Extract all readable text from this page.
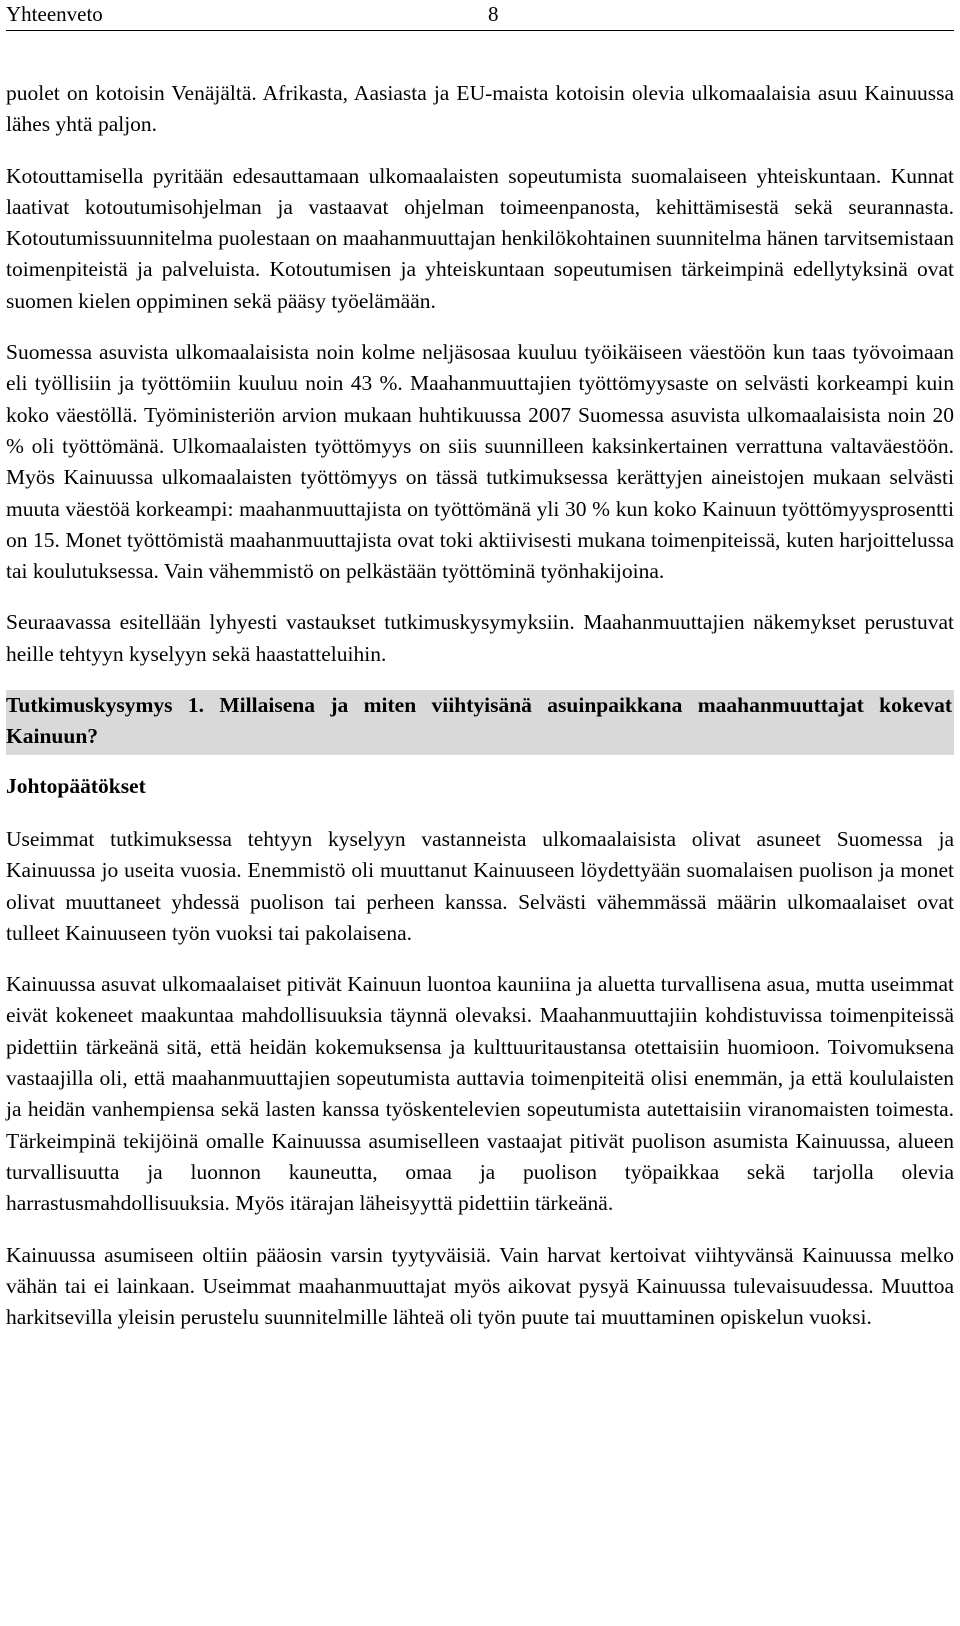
Yhteenveto	8

puolet on kotoisin Venäjältä. Afrikasta, Aasiasta ja EU-maista kotoisin olevia ulkomaalaisia asuu Kainuussa lähes yhtä paljon.

Kotouttamisella pyritään edesauttamaan ulkomaalaisten sopeutumista suomalaiseen yhteiskuntaan. Kunnat laativat kotoutumisohjelman ja vastaavat ohjelman toimeenpanosta, kehittämisestä sekä seurannasta. Kotoutumissuunnitelma puolestaan on maahanmuuttajan henkilökohtainen suunnitelma hänen tarvitsemistaan toimenpiteistä ja palveluista. Kotoutumisen ja yhteiskuntaan sopeutumisen tärkeimpinä edellytyksinä ovat suomen kielen oppiminen sekä pääsy työelämään.

Suomessa asuvista ulkomaalaisista noin kolme neljäsosaa kuuluu työikäiseen väestöön kun taas työvoimaan eli työllisiin ja työttömiin kuuluu noin 43 %. Maahanmuuttajien työttömyysaste on selvästi korkeampi kuin koko väestöllä. Työministeriön arvion mukaan huhtikuussa 2007 Suomessa asuvista ulkomaalaisista noin 20 % oli työttömänä. Ulkomaalaisten työttömyys on siis suunnilleen kaksinkertainen verrattuna valtaväestöön. Myös Kainuussa ulkomaalaisten työttömyys on tässä tutkimuksessa kerättyjen aineistojen mukaan selvästi muuta väestöä korkeampi: maahanmuuttajista on työttömänä yli 30 % kun koko Kainuun työttömyysprosentti on 15. Monet työttömistä maahanmuuttajista ovat toki aktiivisesti mukana toimenpiteissä, kuten harjoittelussa tai koulutuksessa. Vain vähemmistö on pelkästään työttöminä työnhakijoina.

Seuraavassa esitellään lyhyesti vastaukset tutkimuskysymyksiin. Maahanmuuttajien näkemykset perustuvat heille tehtyyn kyselyyn sekä haastatteluihin.

Tutkimuskysymys 1. Millaisena ja miten viihtyisänä asuinpaikkana maahanmuuttajat kokevat Kainuun?
Johtopäätökset

Useimmat tutkimuksessa tehtyyn kyselyyn vastanneista ulkomaalaisista olivat asuneet Suomessa ja Kainuussa jo useita vuosia. Enemmistö oli muuttanut Kainuuseen löydettyään suomalaisen puolison ja monet olivat muuttaneet yhdessä puolison tai perheen kanssa. Selvästi vähemmässä määrin ulkomaalaiset ovat tulleet Kainuuseen työn vuoksi tai pakolaisena.

Kainuussa asuvat ulkomaalaiset pitivät Kainuun luontoa kauniina ja aluetta turvallisena asua, mutta useimmat eivät kokeneet maakuntaa mahdollisuuksia täynnä olevaksi. Maahanmuuttajiin kohdistuvissa toimenpiteissä pidettiin tärkeänä sitä, että heidän kokemuksensa ja kulttuuritaustansa otettaisiin huomioon. Toivomuksena vastaajilla oli, että maahanmuuttajien sopeutumista auttavia toimenpiteitä olisi enemmän, ja että koululaisten ja heidän vanhempiensa sekä lasten kanssa työskentelevien sopeutumista autettaisiin viranomaisten toimesta. Tärkeimpinä tekijöinä omalle Kainuussa asumiselleen vastaajat pitivät puolison asumista Kainuussa, alueen turvallisuutta ja luonnon kauneutta, omaa ja puolison työpaikkaa sekä tarjolla olevia harrastusmahdollisuuksia. Myös itärajan läheisyyttä pidettiin tärkeänä.

Kainuussa asumiseen oltiin pääosin varsin tyytyväisiä. Vain harvat kertoivat viihtyvänsä Kainuussa melko vähän tai ei lainkaan. Useimmat maahanmuuttajat myös aikovat pysyä Kainuussa tulevaisuudessa. Muuttoa harkitsevilla yleisin perustelu suunnitelmille lähteä oli työn puute tai muuttaminen opiskelun vuoksi.
